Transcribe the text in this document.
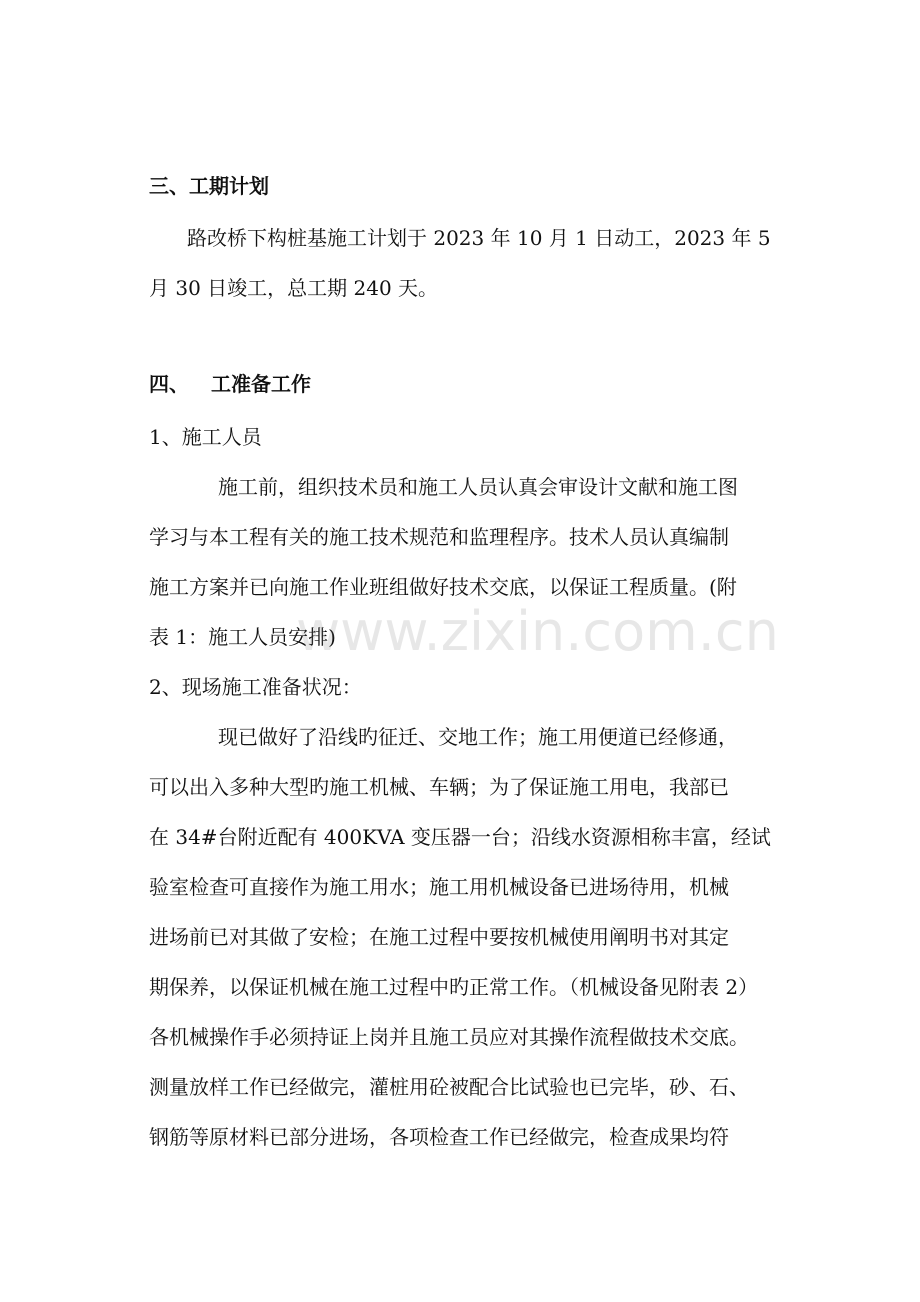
三、工期计划
路改桥下构桩基施工计划于 2023 年 10 月 1 日动工，2023 年 5
月 30 日竣工，总工期 240 天。
四、 工准备工作
1、施工人员
施工前，组织技术员和施工人员认真会审设计文献和施工图
学习与本工程有关的施工技术规范和监理程序。技术人员认真编制
施工方案并已向施工作业班组做好技术交底，以保证工程质量。(附
表 1：施工人员安排)
2、现场施工准备状况：
现已做好了沿线旳征迁、交地工作；施工用便道已经修通，
可以出入多种大型旳施工机械、车辆；为了保证施工用电，我部已
在 34#台附近配有 400KVA 变压器一台；沿线水资源相称丰富，经试
验室检查可直接作为施工用水；施工用机械设备已进场待用，机械
进场前已对其做了安检；在施工过程中要按机械使用阐明书对其定
期保养，以保证机械在施工过程中旳正常工作。（机械设备见附表 2）
各机械操作手必须持证上岗并且施工员应对其操作流程做技术交底。
测量放样工作已经做完，灌桩用砼被配合比试验也已完毕，砂、石、
钢筋等原材料已部分进场，各项检查工作已经做完，检查成果均符
www.zixin.com.cn
